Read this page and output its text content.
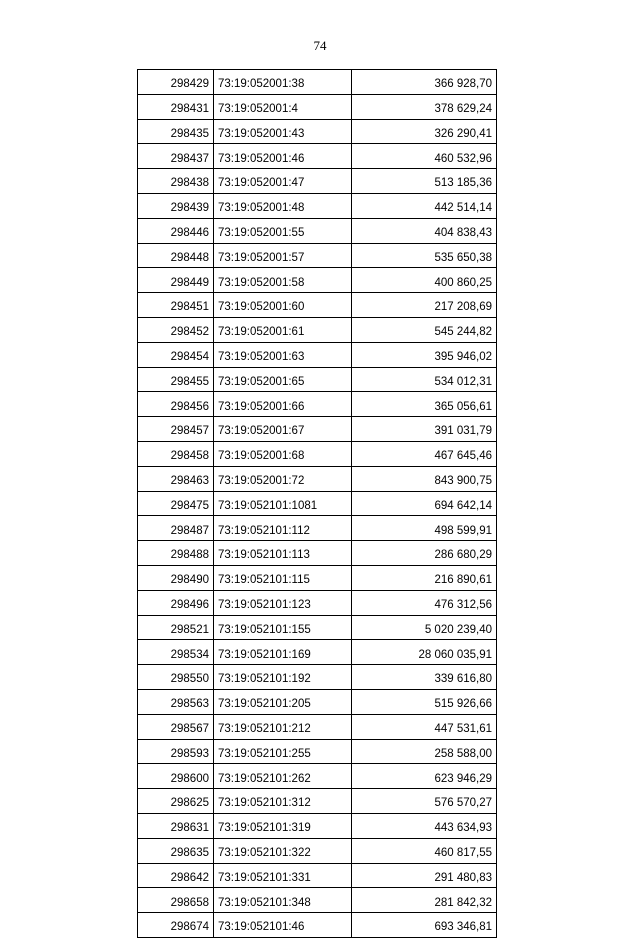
74
298429	73:19:052001:38	366 928,70
298431	73:19:052001:4	378 629,24
298435	73:19:052001:43	326 290,41
298437	73:19:052001:46	460 532,96
298438	73:19:052001:47	513 185,36
298439	73:19:052001:48	442 514,14
298446	73:19:052001:55	404 838,43
298448	73:19:052001:57	535 650,38
298449	73:19:052001:58	400 860,25
298451	73:19:052001:60	217 208,69
298452	73:19:052001:61	545 244,82
298454	73:19:052001:63	395 946,02
298455	73:19:052001:65	534 012,31
298456	73:19:052001:66	365 056,61
298457	73:19:052001:67	391 031,79
298458	73:19:052001:68	467 645,46
298463	73:19:052001:72	843 900,75
298475	73:19:052101:1081	694 642,14
298487	73:19:052101:112	498 599,91
298488	73:19:052101:113	286 680,29
298490	73:19:052101:115	216 890,61
298496	73:19:052101:123	476 312,56
298521	73:19:052101:155	5 020 239,40
298534	73:19:052101:169	28 060 035,91
298550	73:19:052101:192	339 616,80
298563	73:19:052101:205	515 926,66
298567	73:19:052101:212	447 531,61
298593	73:19:052101:255	258 588,00
298600	73:19:052101:262	623 946,29
298625	73:19:052101:312	576 570,27
298631	73:19:052101:319	443 634,93
298635	73:19:052101:322	460 817,55
298642	73:19:052101:331	291 480,83
298658	73:19:052101:348	281 842,32
298674	73:19:052101:46	693 346,81
